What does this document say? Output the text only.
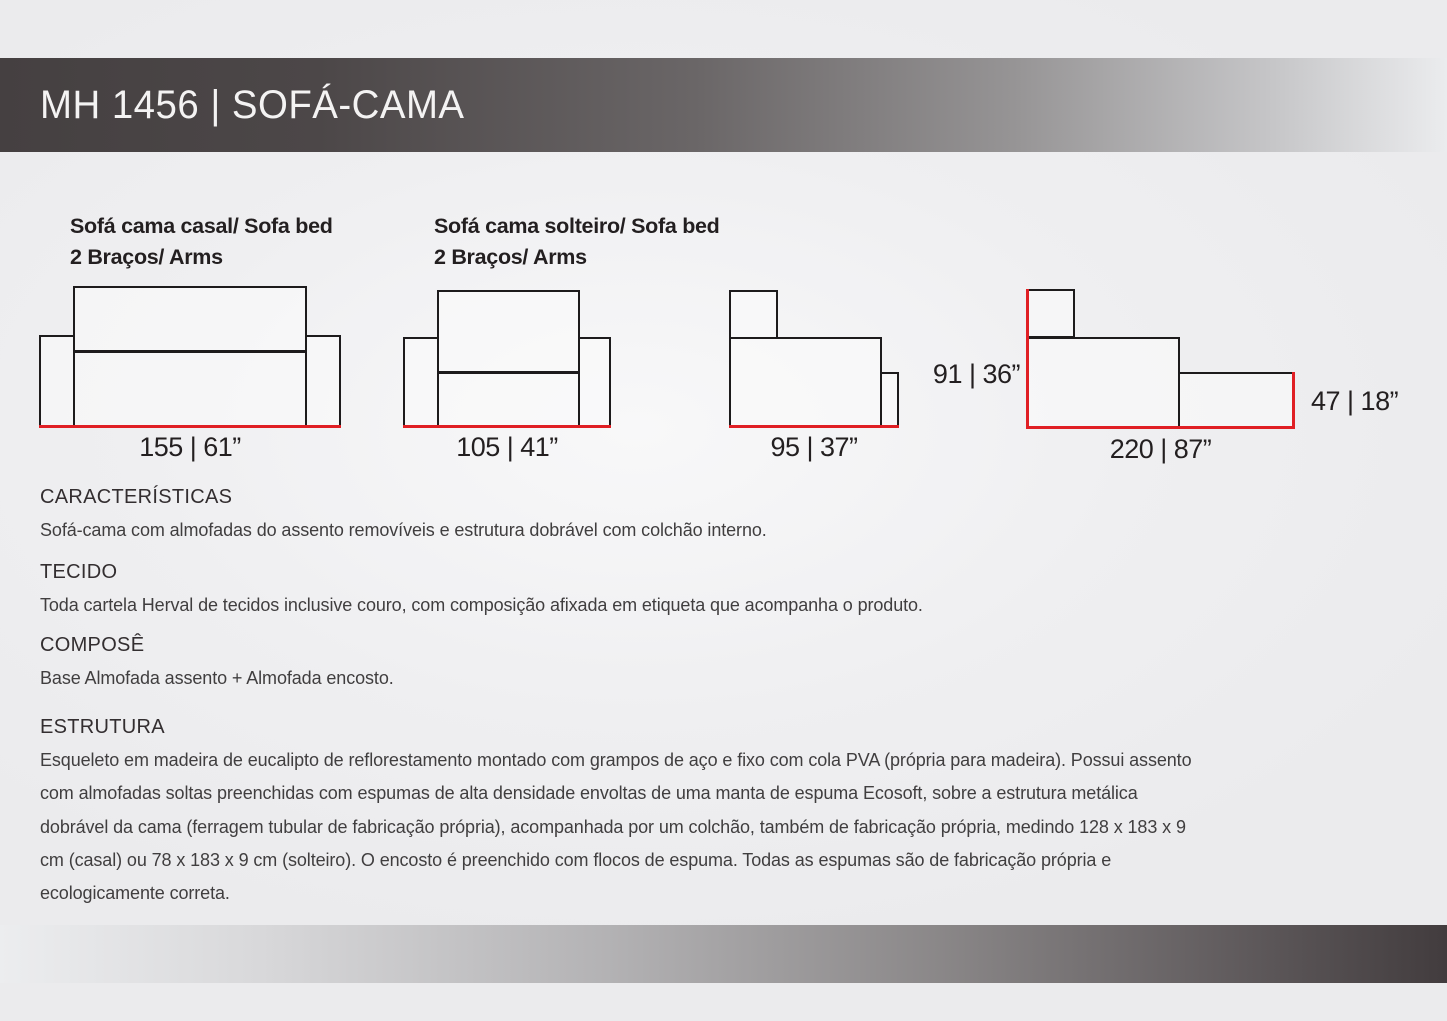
MH 1456 | SOFÁ-CAMA
Sofá cama casal/ Sofa bed
2 Braços/ Arms
Sofá cama solteiro/ Sofa bed
2 Braços/ Arms
155 | 61”	105 | 41”	95 | 37”
91 | 36”
220 | 87”
47 | 18”
CARACTERÍSTICAS

Sofá-cama com almofadas do assento removíveis e estrutura dobrável com colchão interno.

TECIDO

Toda cartela Herval de tecidos inclusive couro, com composição afixada em etiqueta que acompanha o produto.

COMPOSÊ

Base Almofada assento + Almofada encosto.

ESTRUTURA

Esqueleto em madeira de eucalipto de reflorestamento montado com grampos de aço e fixo com cola PVA (própria para madeira). Possui assento com almofadas soltas preenchidas com espumas de alta densidade envoltas de uma manta de espuma Ecosoft, sobre a estrutura metálica dobrável da cama (ferragem tubular de fabricação própria), acompanhada por um colchão, também de fabricação própria, medindo 128 x 183 x 9 cm (casal) ou 78 x 183 x 9 cm (solteiro). O encosto é preenchido com flocos de espuma. Todas as espumas são de fabricação própria e ecologicamente correta.
